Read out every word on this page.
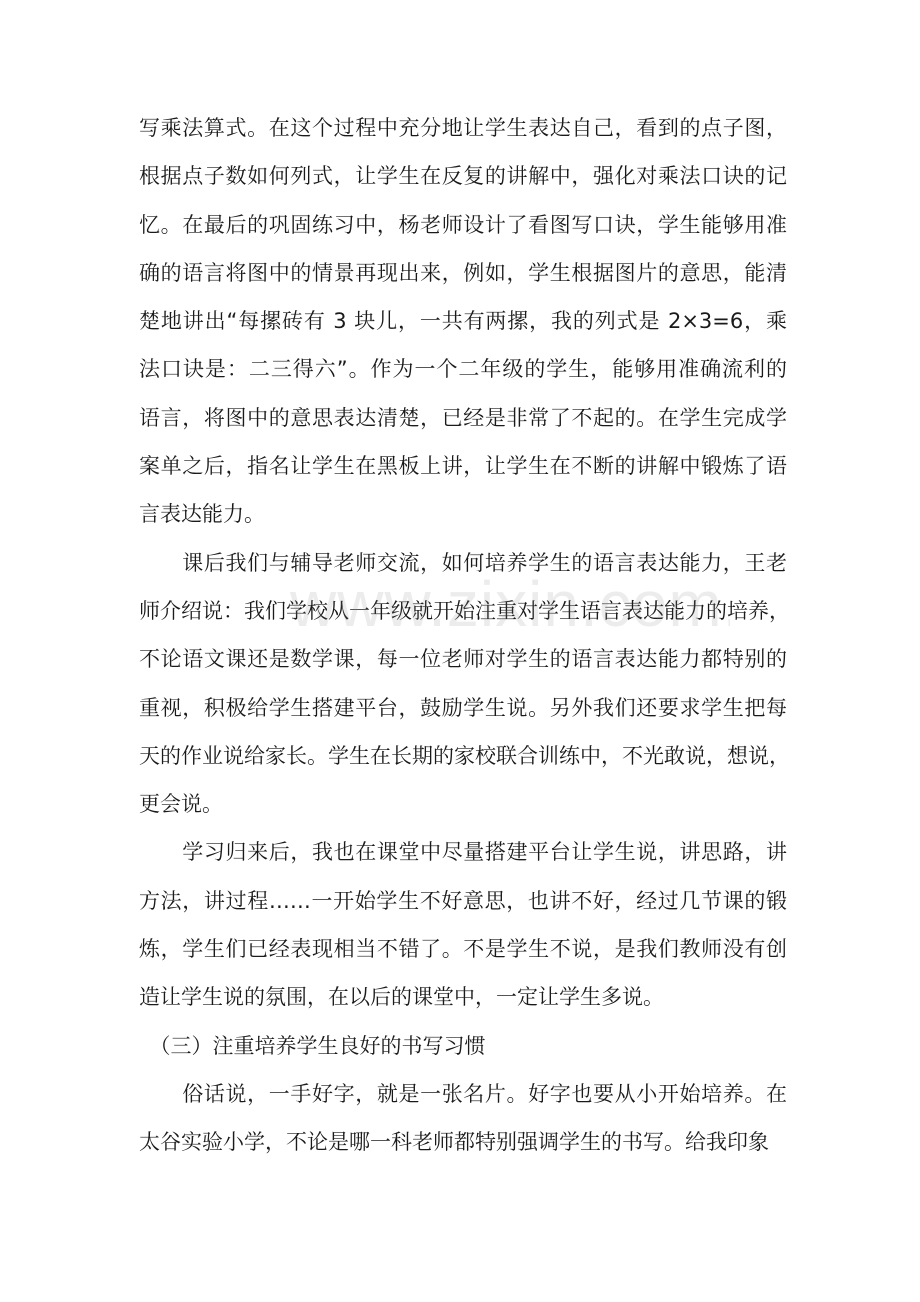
写乘法算式。在这个过程中充分地让学生表达自己，看到的点子图，
根据点子数如何列式，让学生在反复的讲解中，强化对乘法口诀的记
忆。在最后的巩固练习中，杨老师设计了看图写口诀，学生能够用准
确的语言将图中的情景再现出来，例如，学生根据图片的意思，能清
楚地讲出“每摞砖有 3 块儿，一共有两摞，我的列式是 2×3=6，乘
法口诀是：二三得六”。作为一个二年级的学生，能够用准确流利的
语言，将图中的意思表达清楚，已经是非常了不起的。在学生完成学
案单之后，指名让学生在黑板上讲，让学生在不断的讲解中锻炼了语
言表达能力。
　　课后我们与辅导老师交流，如何培养学生的语言表达能力，王老
师介绍说：我们学校从一年级就开始注重对学生语言表达能力的培养，
不论语文课还是数学课，每一位老师对学生的语言表达能力都特别的
重视，积极给学生搭建平台，鼓励学生说。另外我们还要求学生把每
天的作业说给家长。学生在长期的家校联合训练中，不光敢说，想说，
更会说。
　　学习归来后，我也在课堂中尽量搭建平台让学生说，讲思路，讲
方法，讲过程……一开始学生不好意思，也讲不好，经过几节课的锻
炼，学生们已经表现相当不错了。不是学生不说，是我们教师没有创
造让学生说的氛围，在以后的课堂中，一定让学生多说。
　（三）注重培养学生良好的书写习惯
　　俗话说，一手好字，就是一张名片。好字也要从小开始培养。在
太谷实验小学，不论是哪一科老师都特别强调学生的书写。给我印象
www.zixin.com
